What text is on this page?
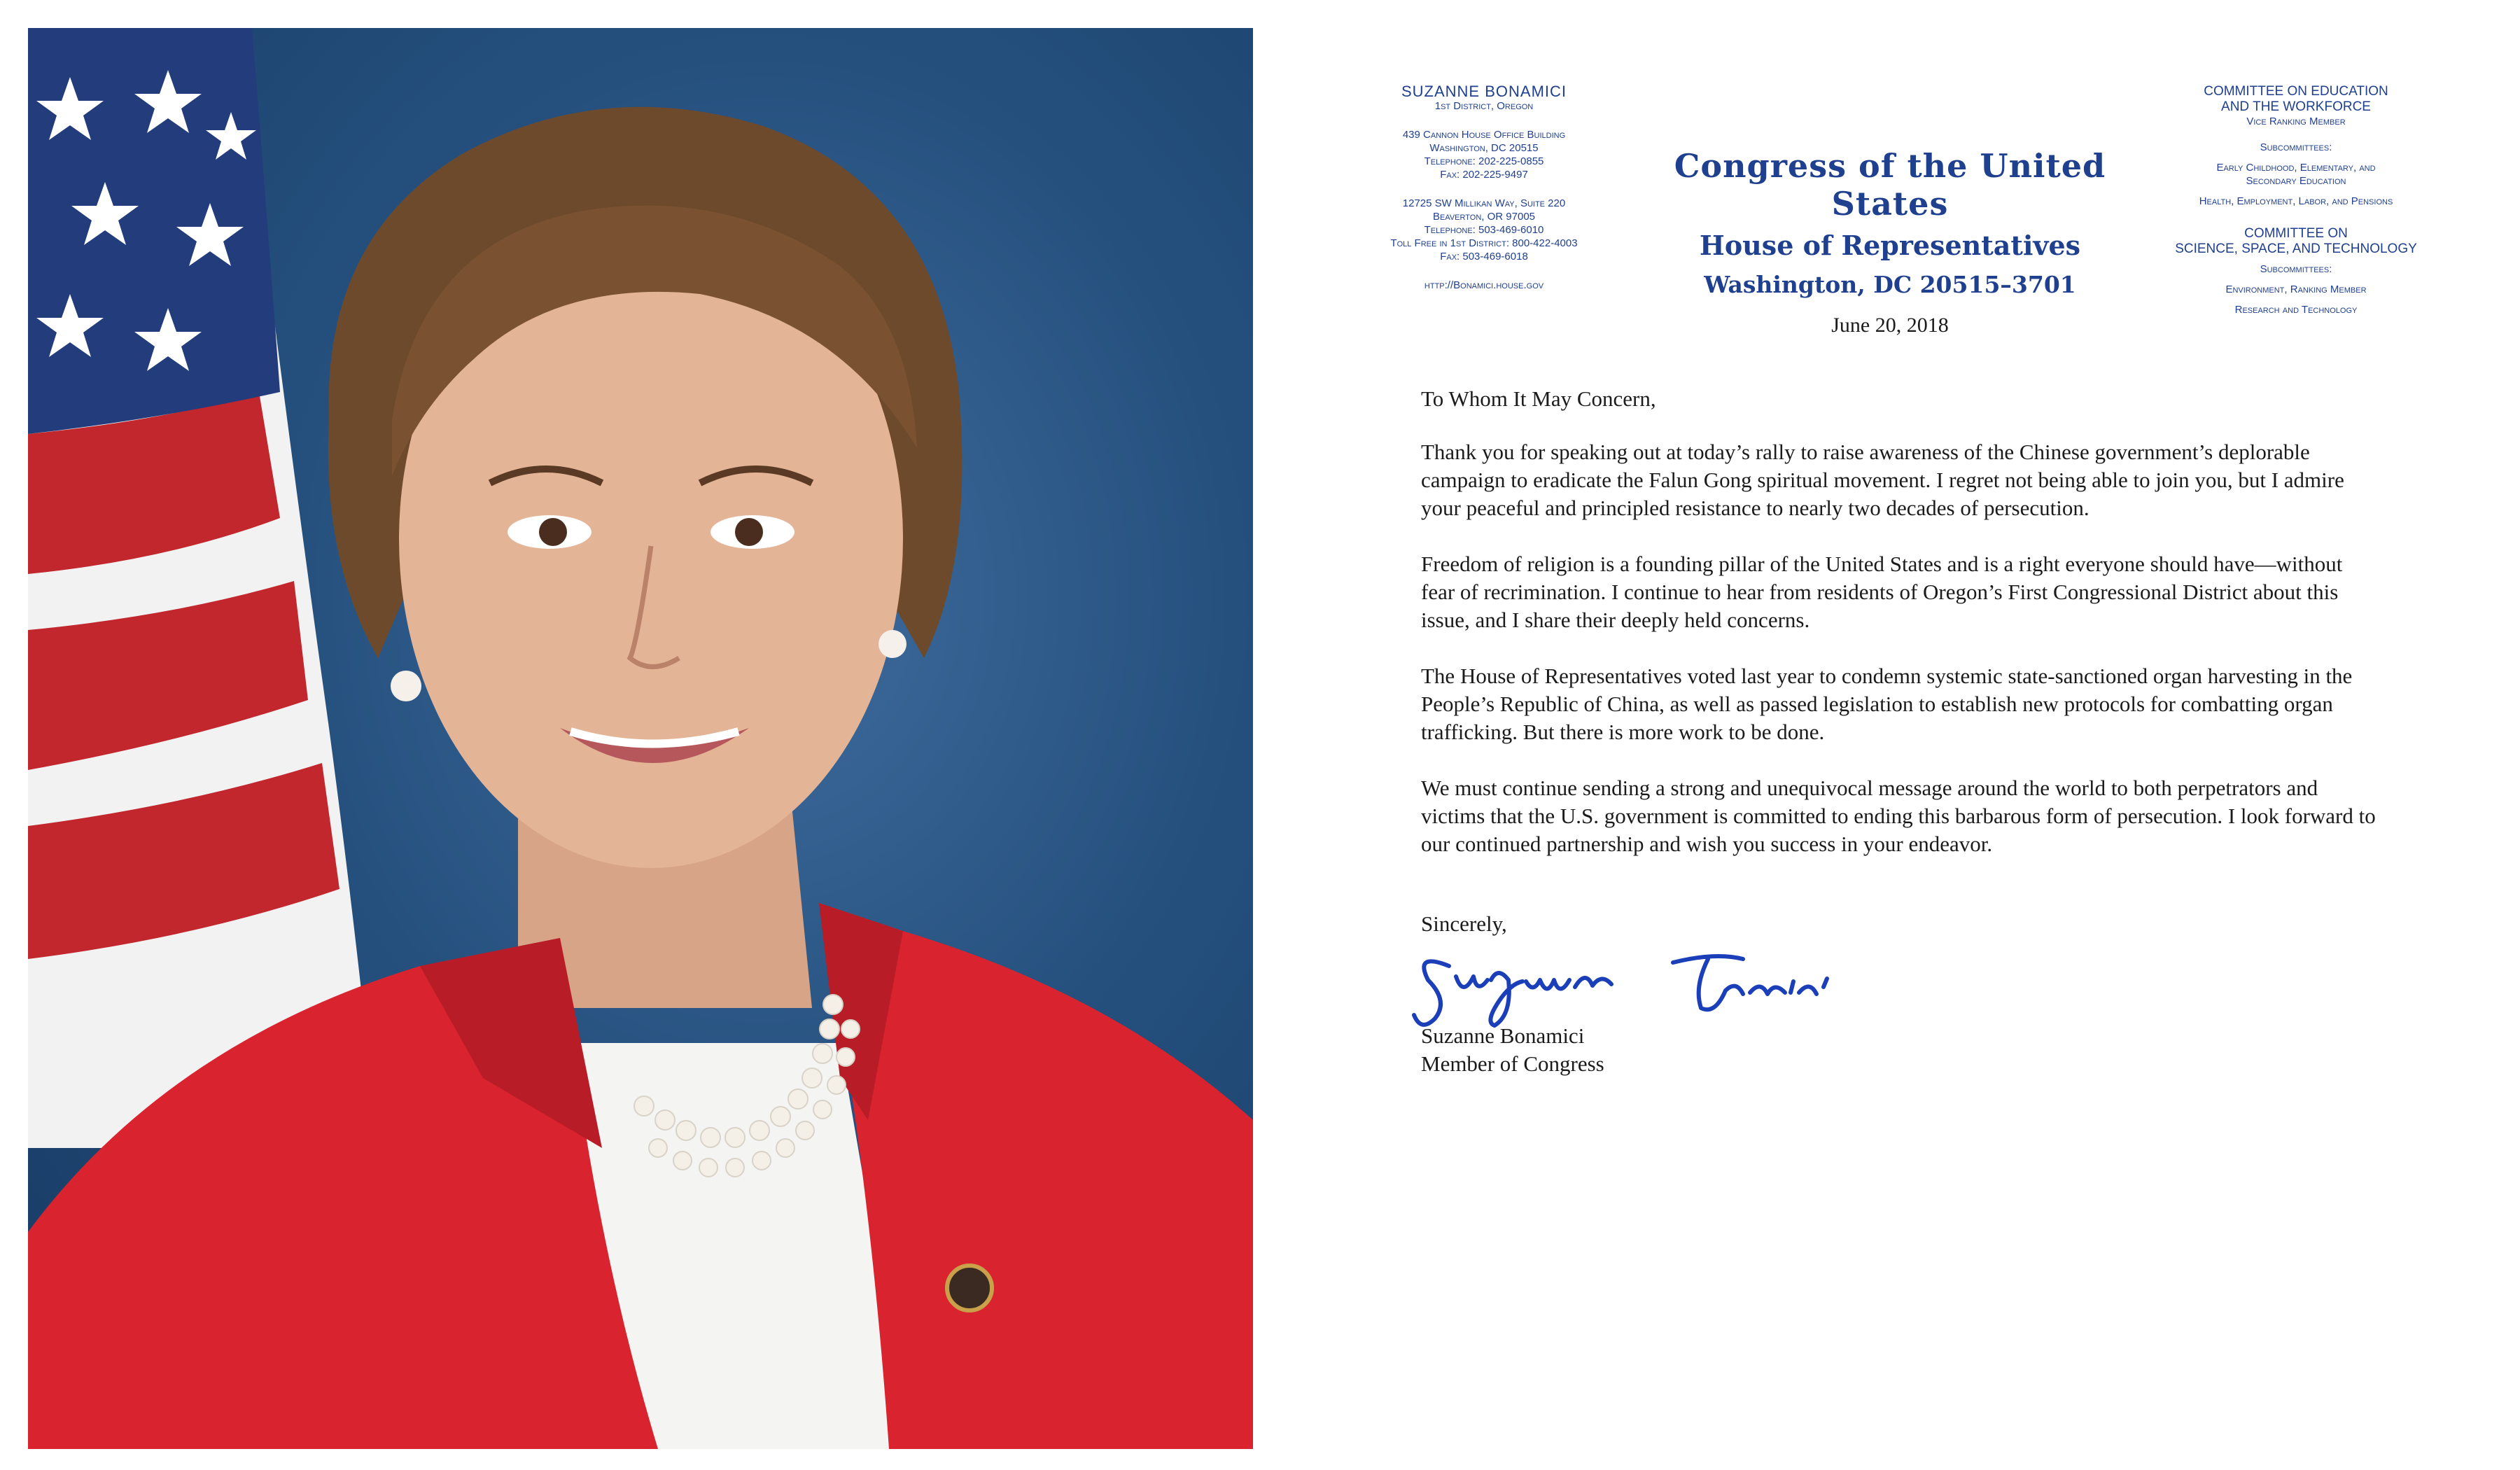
SUZANNE BONAMICI
1st District, Oregon
439 Cannon House Office Building
Washington, DC 20515
Telephone: 202-225-0855
Fax: 202-225-9497
12725 SW Millikan Way, Suite 220
Beaverton, OR 97005
Telephone: 503-469-6010
Toll Free in 1st District: 800-422-4003
Fax: 503-469-6018
http://Bonamici.house.gov
Congress of the United States
House of Representatives
Washington, DC 20515–3701
June 20, 2018
COMMITTEE ON EDUCATION
AND THE WORKFORCE
Vice Ranking Member
Subcommittees:
Early Childhood, Elementary, and
Secondary Education
Health, Employment, Labor, and Pensions
COMMITTEE ON
SCIENCE, SPACE, AND TECHNOLOGY
Subcommittees:
Environment, Ranking Member
Research and Technology

To Whom It May Concern,

Thank you for speaking out at today’s rally to raise awareness of the Chinese government’s deplorable campaign to eradicate the Falun Gong spiritual movement. I regret not being able to join you, but I admire your peaceful and principled resistance to nearly two decades of persecution.

Freedom of religion is a founding pillar of the United States and is a right everyone should have—without fear of recrimination. I continue to hear from residents of Oregon’s First Congressional District about this issue, and I share their deeply held concerns.

The House of Representatives voted last year to condemn systemic state-sanctioned organ harvesting in the People’s Republic of China, as well as passed legislation to establish new protocols for combatting organ trafficking. But there is more work to be done.

We must continue sending a strong and unequivocal message around the world to both perpetrators and victims that the U.S. government is committed to ending this barbarous form of persecution. I look forward to our continued partnership and wish you success in your endeavor.

Sincerely,
Suzanne Bonamici
Member of Congress
